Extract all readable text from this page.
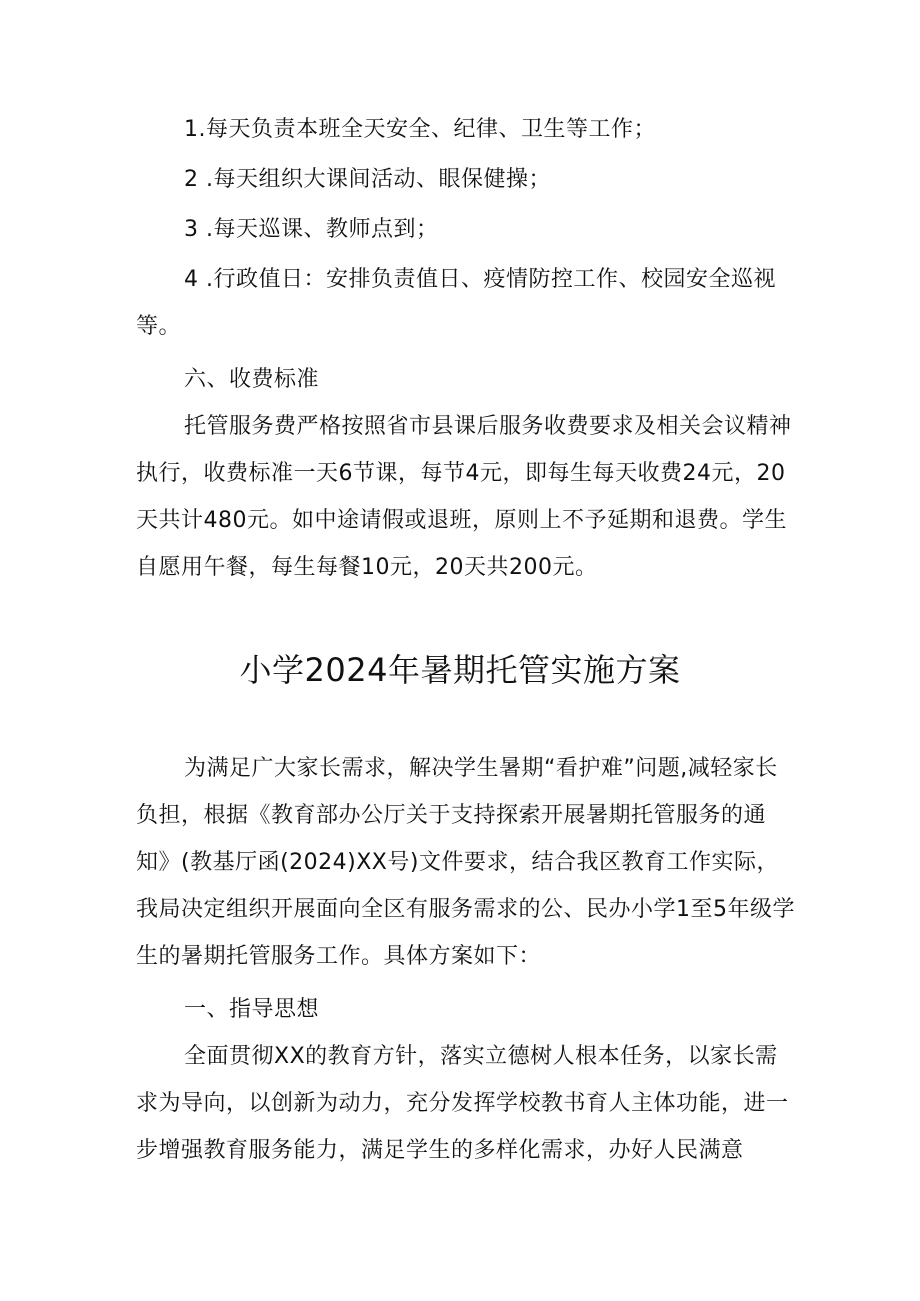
1.每天负责本班全天安全、纪律、卫生等工作；
2 .每天组织大课间活动、眼保健操；
3 .每天巡课、教师点到；
4 .行政值日：安排负责值日、疫情防控工作、校园安全巡视等。
六、收费标准
托管服务费严格按照省市县课后服务收费要求及相关会议精神执行，收费标准一天6节课，每节4元，即每生每天收费24元，20天共计480元。如中途请假或退班，原则上不予延期和退费。学生自愿用午餐，每生每餐10元，20天共200元。
小学2024年暑期托管实施方案
为满足广大家长需求，解决学生暑期“看护难”问题,减轻家长负担，根据《教育部办公厅关于支持探索开展暑期托管服务的通知》(教基厅函(2024)XX号)文件要求，结合我区教育工作实际，我局决定组织开展面向全区有服务需求的公、民办小学1至5年级学生的暑期托管服务工作。具体方案如下：
一、指导思想
全面贯彻XX的教育方针，落实立德树人根本任务，以家长需求为导向，以创新为动力，充分发挥学校教书育人主体功能，进一步增强教育服务能力，满足学生的多样化需求，办好人民满意
